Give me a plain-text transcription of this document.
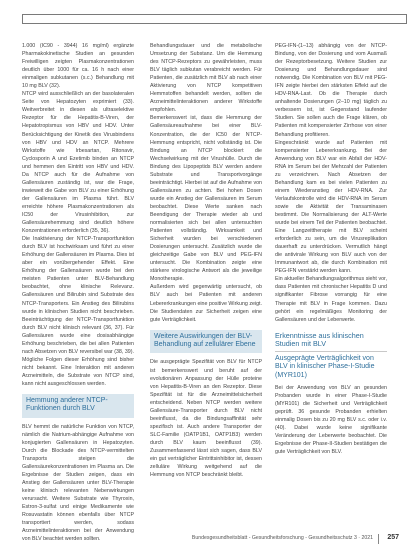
1.000 (IC90 - 3944) 16 mg/ml) ergänzte Pharmakokinetische Studien an gesunden Freiwilligen zeigten Plasmakonzentrationen deutlich über 1000 für ca. 16 h nach einer einmaligen subkutanen (s.c.) Behandlung mit 10 mg BLV (32).

NTCP wird ausschließlich an der basolateralen Seite von Hepatozyten exprimiert (33). Weitverbreitet in diesen als ultraselektive Rezeptor für die Hepatitis-B-Viren, der Hepatotropismus von HBV und HDV. Unter Berücksichtigung der Kinetik des Virusbindens von HBV und HDV an NTCP. Mehrere Wirkstoffe wie Irbesartan, Ritonavir, Cyclosporin A und Ezetimib binden an NTCP und hemmen den Eintritt von HBV und HDV. Da NTCP auch für die Aufnahme von Gallensäuren zuständig ist, war die Frage, inwieweit die Gabe von BLV zu einer Erhöhung der Gallensäuren im Plasma führt. BLV erreichte höhere Plasmakonzentrationen als IC50 der Virusinhibition, zur Gallensäurehemmung sind deutlich höhere Konzentrationen erforderlich (35, 36).

Die Inaktivierung der NTCP-Transportfunktion durch BLV ist hochwirksam und führt zu einer Erhöhung der Gallensäuren im Plasma. Dies ist aber ein vorübergehender Effekt. Eine Erhöhung der Gallensäuren wurde bei den meisten Patienten unter BLV-Behandlung beobachtet, ohne klinische Relevanz. Gallensäuren und Bilirubin sind Substrate des NTCP-Transporters. Ein Anstieg des Bilirubins wurde in klinischen Studien nicht beschrieben. Beeinträchtigung der NTCP-Transportfunktion durch BLV nicht klinisch relevant (36, 37). Für Gallensäuren wurde eine dosisabhängige Erhöhung beschrieben, die bei allen Patienten nach Absetzen von BLV reversibel war (38, 39). Mögliche Folgen dieser Erhöhung sind bisher nicht bekannt. Eine Interaktion mit anderen Arzneimitteln, die Substrate von NTCP sind, kann nicht ausgeschlossen werden.

Hemmung anderer NTCP-Funktionen durch BLV

BLV hemmt die natürliche Funktion von NTCP, nämlich die Natrium-abhängige Aufnahme von konjugierten Gallensäuren in Hepatozyten. Durch die Blockade des NTCP-vermittelten Transports steigen die Gallensäurekonzentrationen im Plasma an. Die Ergebnisse der Studien zeigen, dass ein Anstieg der Gallensäuren unter BLV-Therapie keine klinisch relevanten Nebenwirkungen verursacht. Weitere Substrate wie Thyroxin, Estron-3-sulfat und einige Medikamente wie Rosuvastatin können ebenfalls über NTCP transportiert werden, sodass Arzneimittelinteraktionen bei der Anwendung von BLV beachtet werden sollten.

Behandlungsdauer und die metabolische Umsetzung der Substanz. Um die Hemmung des NTCP-Rezeptors zu gewährleisten, muss BLV täglich subkutan verabreicht werden. Für Patienten, die zusätzlich mit BLV ab nach einer Aktivierung von NTCP kompetitiven Hemmstoffen behandelt werden, sollten die Arzneimittelinteraktionen anderer Wirkstoffe empfohlen.

Bemerkenswert ist, dass die Hemmung der Gallensäureaufnahme bei einer BLV-Konzentration, die der IC50 der NTCP-Hemmung entspricht, nicht vollständig ist. Die Bindung an NTCP blockiert die Wechselwirkung mit der Virushülle. Durch die Bindung des Lipopeptids BLV werden andere Substrate und Transportvorgänge beeinträchtigt. Hierbei ist auf die Aufnahme von Gallensäuren zu achten. Bei hohen Dosen wurde ein Anstieg der Gallensäuren im Serum beobachtet. Diese Werte sanken nach Beendigung der Therapie wieder ab und normalisierten sich bei allen untersuchten Patienten vollständig. Wirksamkeit und Sicherheit wurden bei verschiedenen Dosierungen untersucht. Zusätzlich wurde die gleichzeitige Gabe von BLV und PEG-IFN untersucht. Die Kombination zeigte eine stärkere virologische Antwort als die jeweilige Monotherapie.

Außerdem wird gegenwärtig untersucht, ob BLV auch bei Patienten mit anderen Lebererkrankungen eine positive Wirkung zeigt. Die Studiendaten zur Sicherheit zeigen eine gute Verträglichkeit.

Weitere Auswirkungen der BLV-Behandlung auf zellulärer Ebene

Die ausgeprägte Spezifität von BLV für NTCP ist bemerkenswert und beruht auf der evolutionären Anpassung der Hülle proteine von Hepatitis-B-Viren an den Rezeptor. Diese Spezifität ist für die Arzneimittelsicherheit entscheidend. Neben NTCP werden weitere Gallensäure-Transporter durch BLV nicht beeinflusst, da die Bindungsaffinität sehr spezifisch ist. Auch andere Transporter der SLC-Familie (OATP1B1, OATP1B3) werden durch BLV kaum beeinflusst (39). Zusammenfassend lässt sich sagen, dass BLV ein gut verträglicher Eintrittsinhibitor ist, dessen zelluläre Wirkung weitgehend auf die Hemmung von NTCP beschränkt bleibt.

PEG-IFN-(1–13) abhängig von der NTCP-Bindung, von der Dosierung und vom Ausmaß der Rezeptorbesetzung. Weitere Studien zur Dosierung und Behandlungsdauer sind notwendig. Die Kombination von BLV mit PEG-IFN zeigte hierbei den stärksten Effekt auf die HDV-RNA-Last. Ob die Therapie durch anhaltende Dosierungen (2–10 mg) täglich zu verbessern ist, ist Gegenstand laufender Studien. Sie sollen auch die Frage klären, ob Patienten mit kompensierter Zirrhose von einer Behandlung profitieren.

Eingeschränkt wurde auf Patienten mit kompensierter Lebererkrankung. Bei der Anwendung von BLV war ein Abfall der HDV-RNA im Serum bei der Mehrzahl der Patienten zu verzeichnen. Nach Absetzen der Behandlung kam es bei vielen Patienten zu einem Wiederanstieg der HDV-RNA. Zur Verlaufskontrolle wird die HDV-RNA im Serum sowie die Aktivität der Transaminasen bestimmt. Die Normalisierung der ALT-Werte wurde bei einem Teil der Patienten beobachtet. Eine Langzeittherapie mit BLV scheint erforderlich zu sein, um die Virusreplikation dauerhaft zu unterdrücken. Vermutlich hängt die antivirale Wirkung von BLV auch von der Immunantwort ab, die durch Kombination mit PEG-IFN verstärkt werden kann.

Ein aktueller Behandlungsalgorithmus sieht vor, dass Patienten mit chronischer Hepatitis D und signifikanter Fibrose vorrangig für eine Therapie mit BLV in Frage kommen. Dazu gehört ein regelmäßiges Monitoring der Gallensäuren und der Leberwerte.

Erkenntnisse aus klinischen Studien mit BLV
Ausgeprägte Verträglichkeit von BLV in klinischer Phase-I-Studie (MYR101)

Bei der Anwendung von BLV an gesunden Probanden wurde in einer Phase-I-Studie (MYR101) die Sicherheit und Verträglichkeit geprüft. 36 gesunde Probanden erhielten einmalig Dosen bis zu 20 mg BLV s.c. oder i.v. (40). Dabei wurde keine signifikante Veränderung der Leberwerte beobachtet. Die Ergebnisse der Phase-II-Studien bestätigen die gute Verträglichkeit von BLV.

Bundesgesundheitsblatt - Gesundheitsforschung - Gesundheitsschutz 3 · 2021 257
